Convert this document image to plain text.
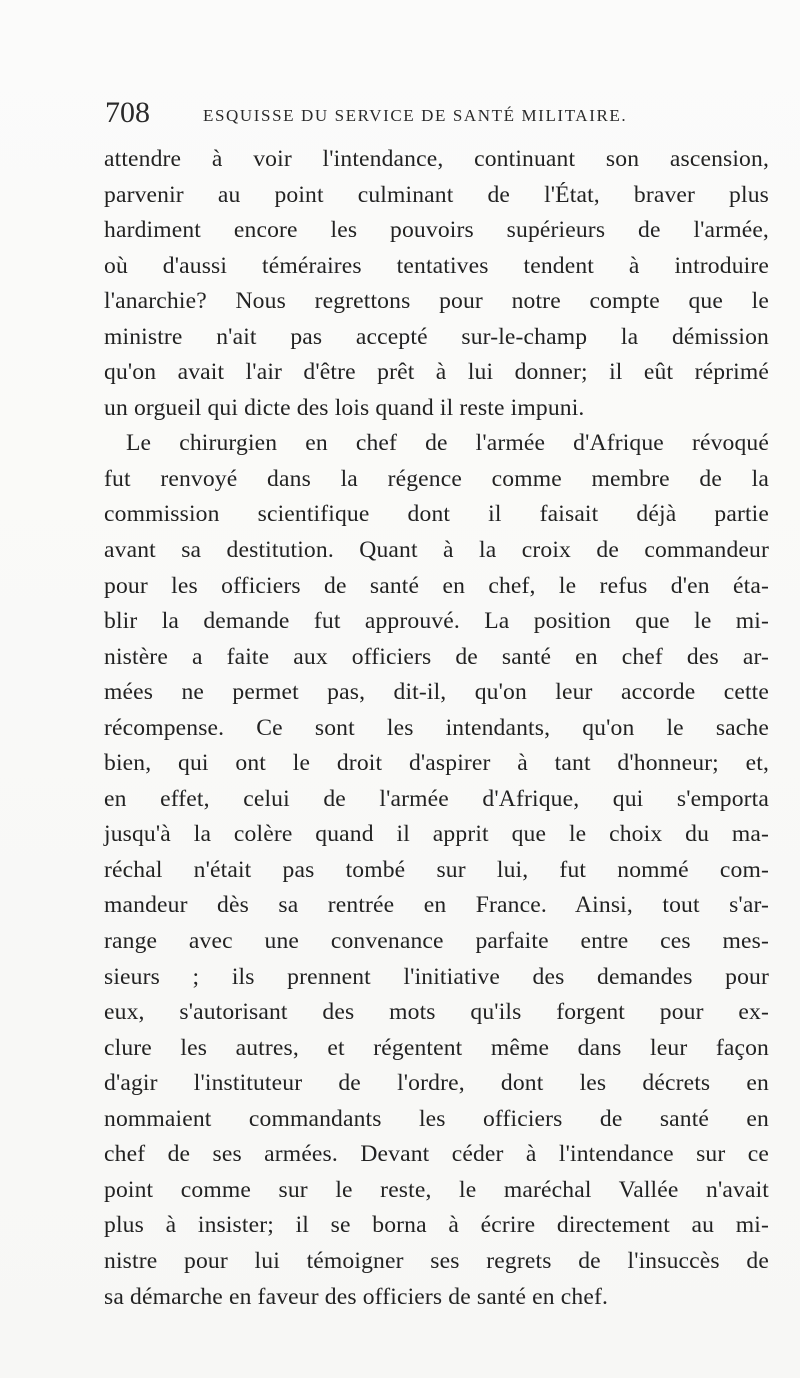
708	ESQUISSE DU SERVICE DE SANTÉ MILITAIRE.
attendre à voir l'intendance, continuant son ascension,
parvenir au point culminant de l'État, braver plus
hardiment encore les pouvoirs supérieurs de l'armée,
où d'aussi téméraires tentatives tendent à introduire
l'anarchie? Nous regrettons pour notre compte que le
ministre n'ait pas accepté sur-le-champ la démission
qu'on avait l'air d'être prêt à lui donner; il eût réprimé
un orgueil qui dicte des lois quand il reste impuni.
Le chirurgien en chef de l'armée d'Afrique révoqué
fut renvoyé dans la régence comme membre de la
commission scientifique dont il faisait déjà partie
avant sa destitution. Quant à la croix de commandeur
pour les officiers de santé en chef, le refus d'en éta-
blir la demande fut approuvé. La position que le mi-
nistère a faite aux officiers de santé en chef des ar-
mées ne permet pas, dit-il, qu'on leur accorde cette
récompense. Ce sont les intendants, qu'on le sache
bien, qui ont le droit d'aspirer à tant d'honneur; et,
en effet, celui de l'armée d'Afrique, qui s'emporta
jusqu'à la colère quand il apprit que le choix du ma-
réchal n'était pas tombé sur lui, fut nommé com-
mandeur dès sa rentrée en France. Ainsi, tout s'ar-
range avec une convenance parfaite entre ces mes-
sieurs ; ils prennent l'initiative des demandes pour
eux, s'autorisant des mots qu'ils forgent pour ex-
clure les autres, et régentent même dans leur façon
d'agir l'instituteur de l'ordre, dont les décrets en
nommaient commandants les officiers de santé en
chef de ses armées. Devant céder à l'intendance sur ce
point comme sur le reste, le maréchal Vallée n'avait
plus à insister; il se borna à écrire directement au mi-
nistre pour lui témoigner ses regrets de l'insuccès de
sa démarche en faveur des officiers de santé en chef.
